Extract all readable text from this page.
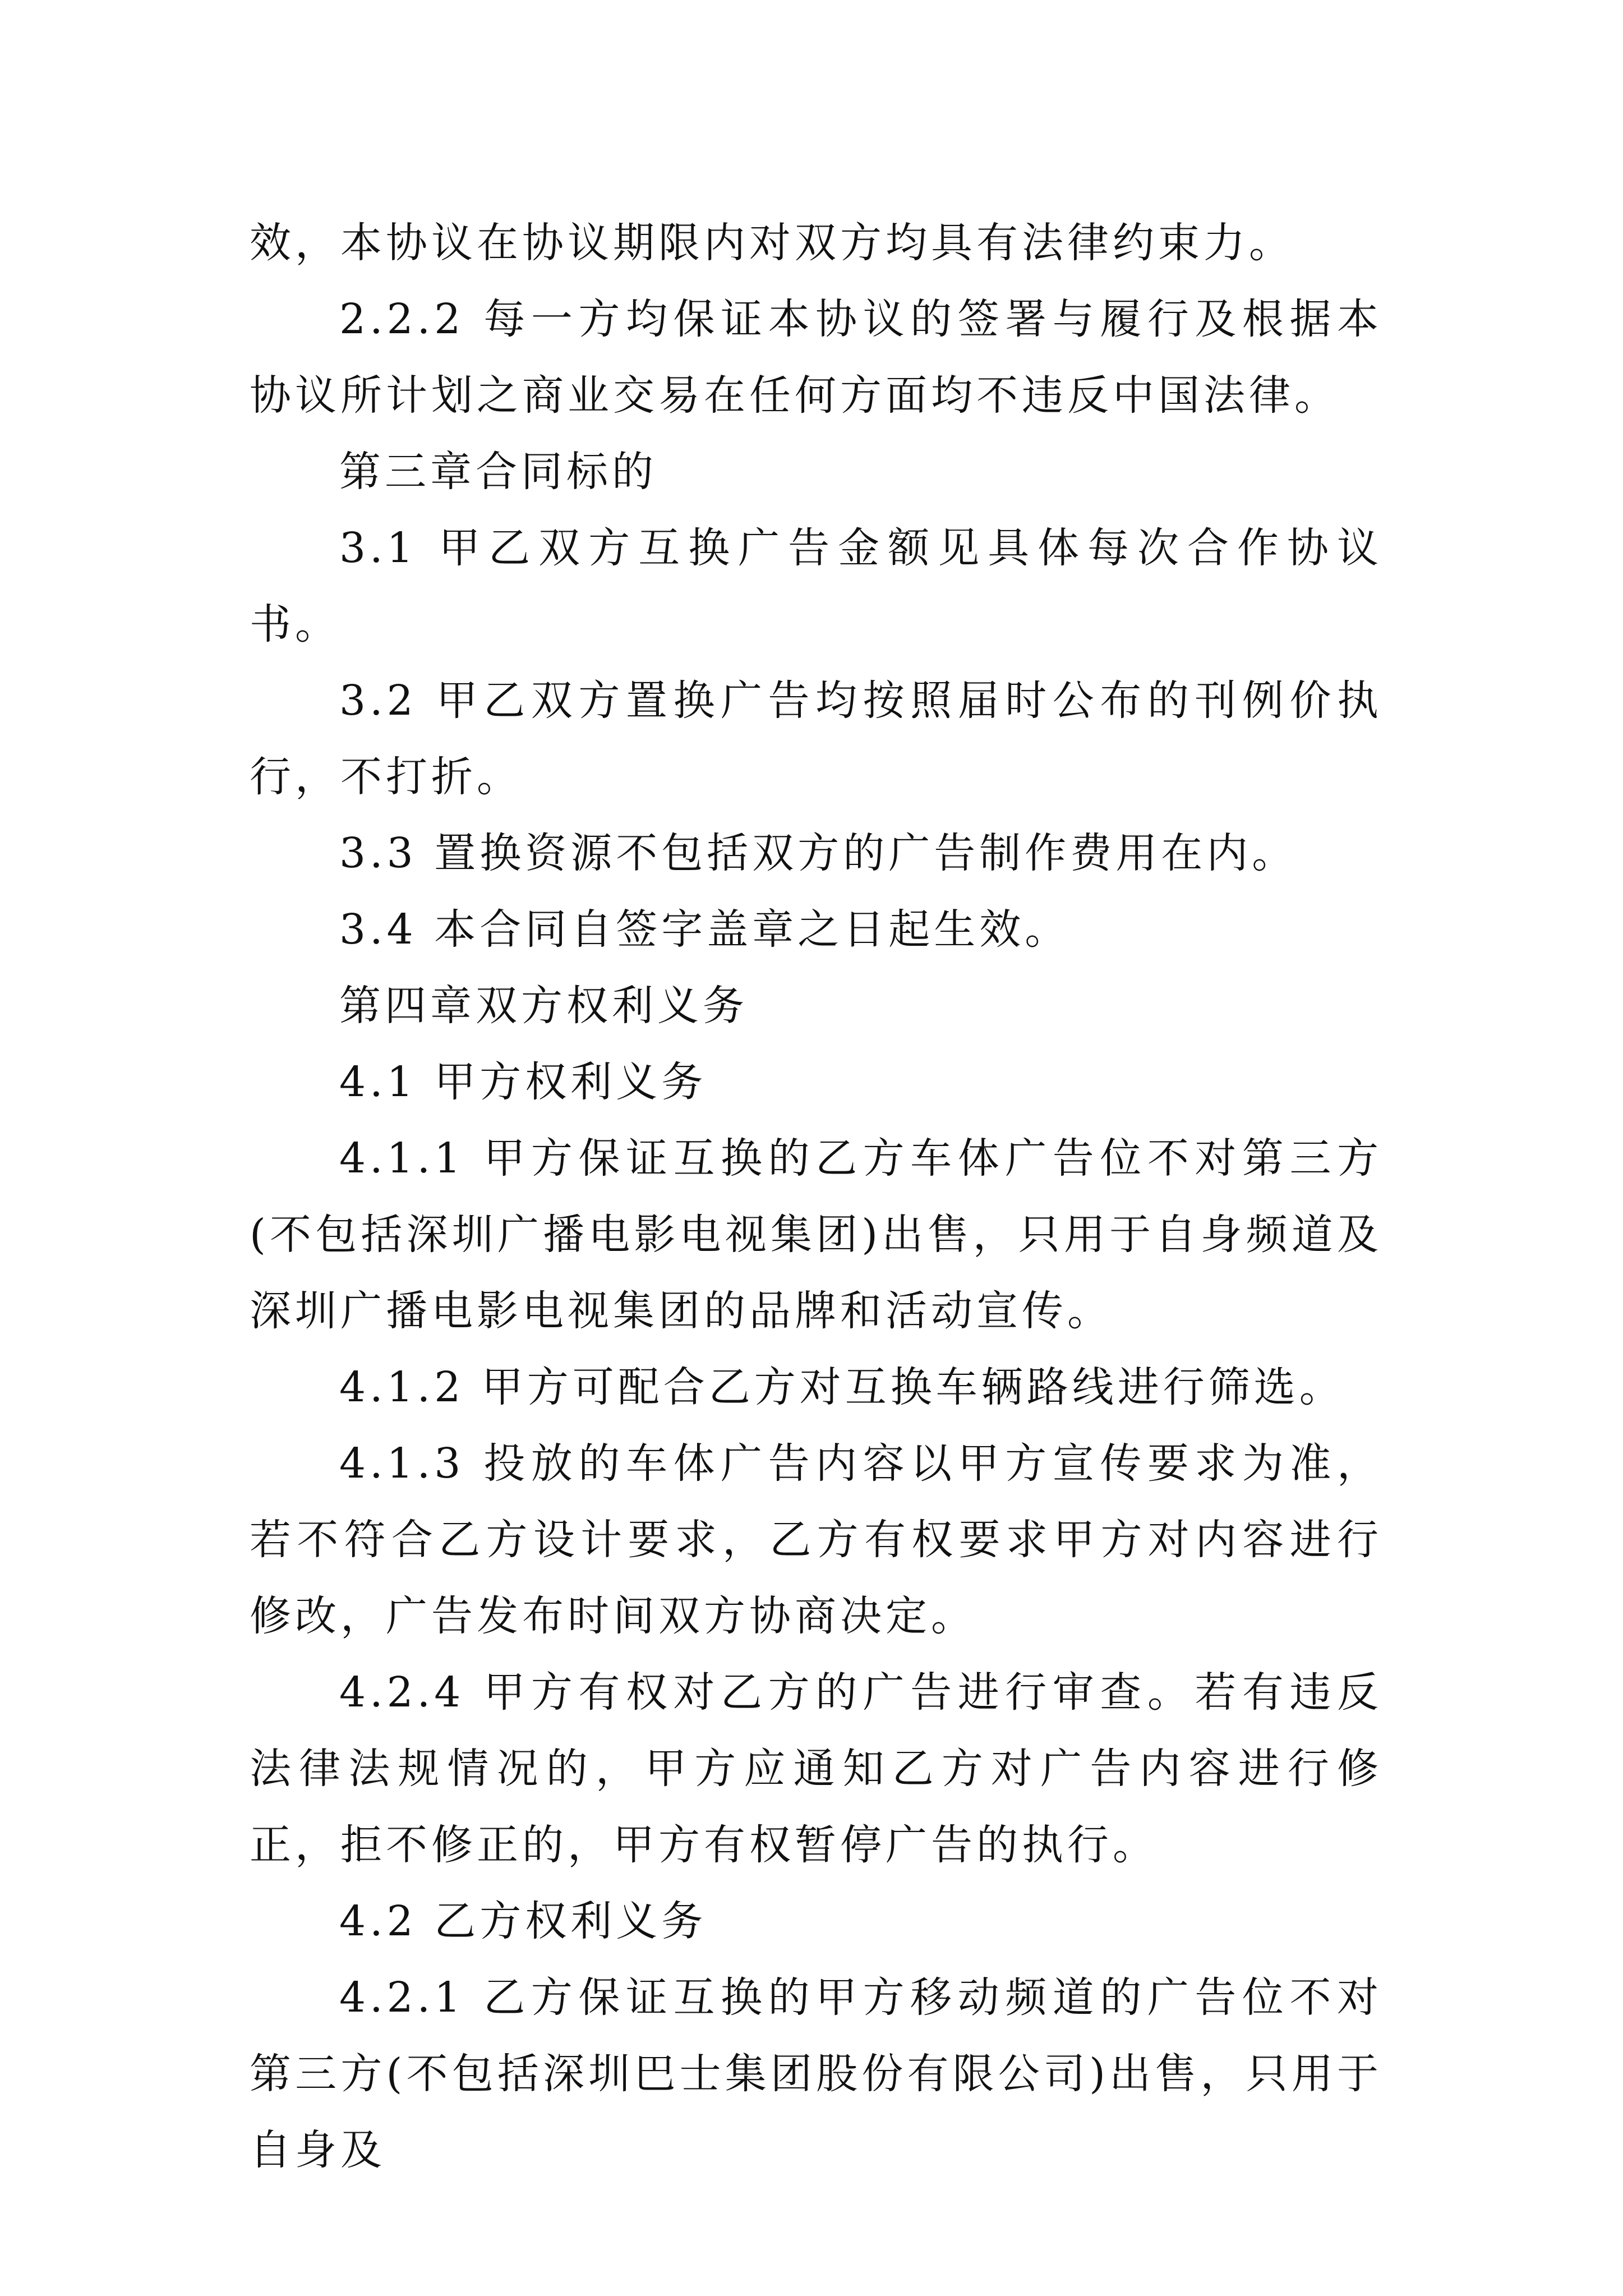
效，本协议在协议期限内对双方均具有法律约束力。

2.2.2 每一方均保证本协议的签署与履行及根据本协议所计划之商业交易在任何方面均不违反中国法律。

第三章合同标的

3.1 甲乙双方互换广告金额见具体每次合作协议书。

3.2 甲乙双方置换广告均按照届时公布的刊例价执行，不打折。

3.3 置换资源不包括双方的广告制作费用在内。

3.4 本合同自签字盖章之日起生效。

第四章双方权利义务

4.1 甲方权利义务

4.1.1 甲方保证互换的乙方车体广告位不对第三方(不包括深圳广播电影电视集团)出售，只用于自身频道及深圳广播电影电视集团的品牌和活动宣传。

4.1.2 甲方可配合乙方对互换车辆路线进行筛选。

4.1.3 投放的车体广告内容以甲方宣传要求为准，若不符合乙方设计要求，乙方有权要求甲方对内容进行修改，广告发布时间双方协商决定。

4.2.4 甲方有权对乙方的广告进行审查。若有违反法律法规情况的，甲方应通知乙方对广告内容进行修正，拒不修正的，甲方有权暂停广告的执行。

4.2 乙方权利义务

4.2.1 乙方保证互换的甲方移动频道的广告位不对第三方(不包括深圳巴士集团股份有限公司)出售，只用于自身及
